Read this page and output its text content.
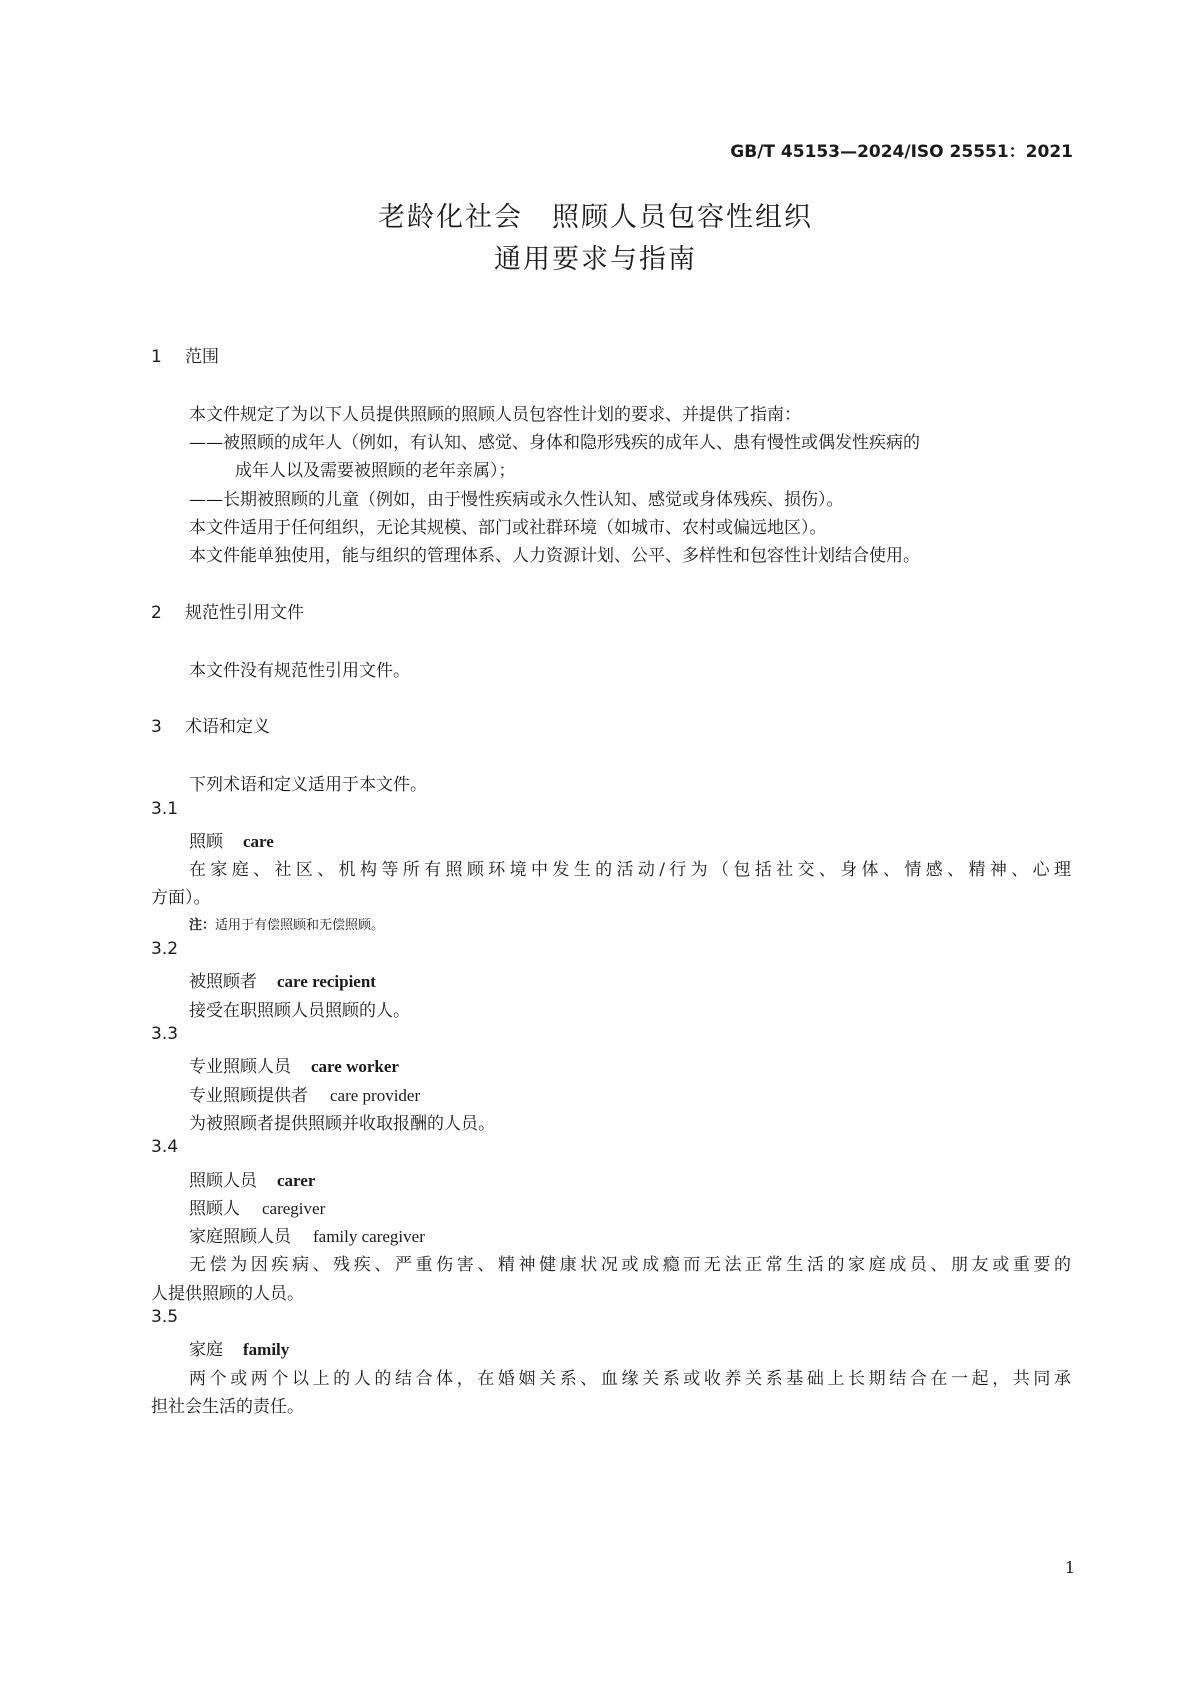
GB/T 45153—2024/ISO 25551：2021
老龄化社会　照顾人员包容性组织
通用要求与指南
1 范围
本文件规定了为以下人员提供照顾的照顾人员包容性计划的要求、并提供了指南：
——被照顾的成年人（例如，有认知、感觉、身体和隐形残疾的成年人、患有慢性或偶发性疾病的
成年人以及需要被照顾的老年亲属）；
——长期被照顾的儿童（例如，由于慢性疾病或永久性认知、感觉或身体残疾、损伤）。
本文件适用于任何组织，无论其规模、部门或社群环境（如城市、农村或偏远地区）。
本文件能单独使用，能与组织的管理体系、人力资源计划、公平、多样性和包容性计划结合使用。
2 规范性引用文件
本文件没有规范性引用文件。
3 术语和定义
下列术语和定义适用于本文件。
3.1
照顾 care
在家庭、社区、机构等所有照顾环境中发生的活动/行为（包括社交、身体、情感、精神、心理
方面）。
注：适用于有偿照顾和无偿照顾。
3.2
被照顾者 care recipient
接受在职照顾人员照顾的人。
3.3
专业照顾人员 care worker
专业照顾提供者 care provider
为被照顾者提供照顾并收取报酬的人员。
3.4
照顾人员 carer
照顾人 caregiver
家庭照顾人员 family caregiver
无偿为因疾病、残疾、严重伤害、精神健康状况或成瘾而无法正常生活的家庭成员、朋友或重要的
人提供照顾的人员。
3.5
家庭 family
两个或两个以上的人的结合体，在婚姻关系、血缘关系或收养关系基础上长期结合在一起，共同承
担社会生活的责任。
1
